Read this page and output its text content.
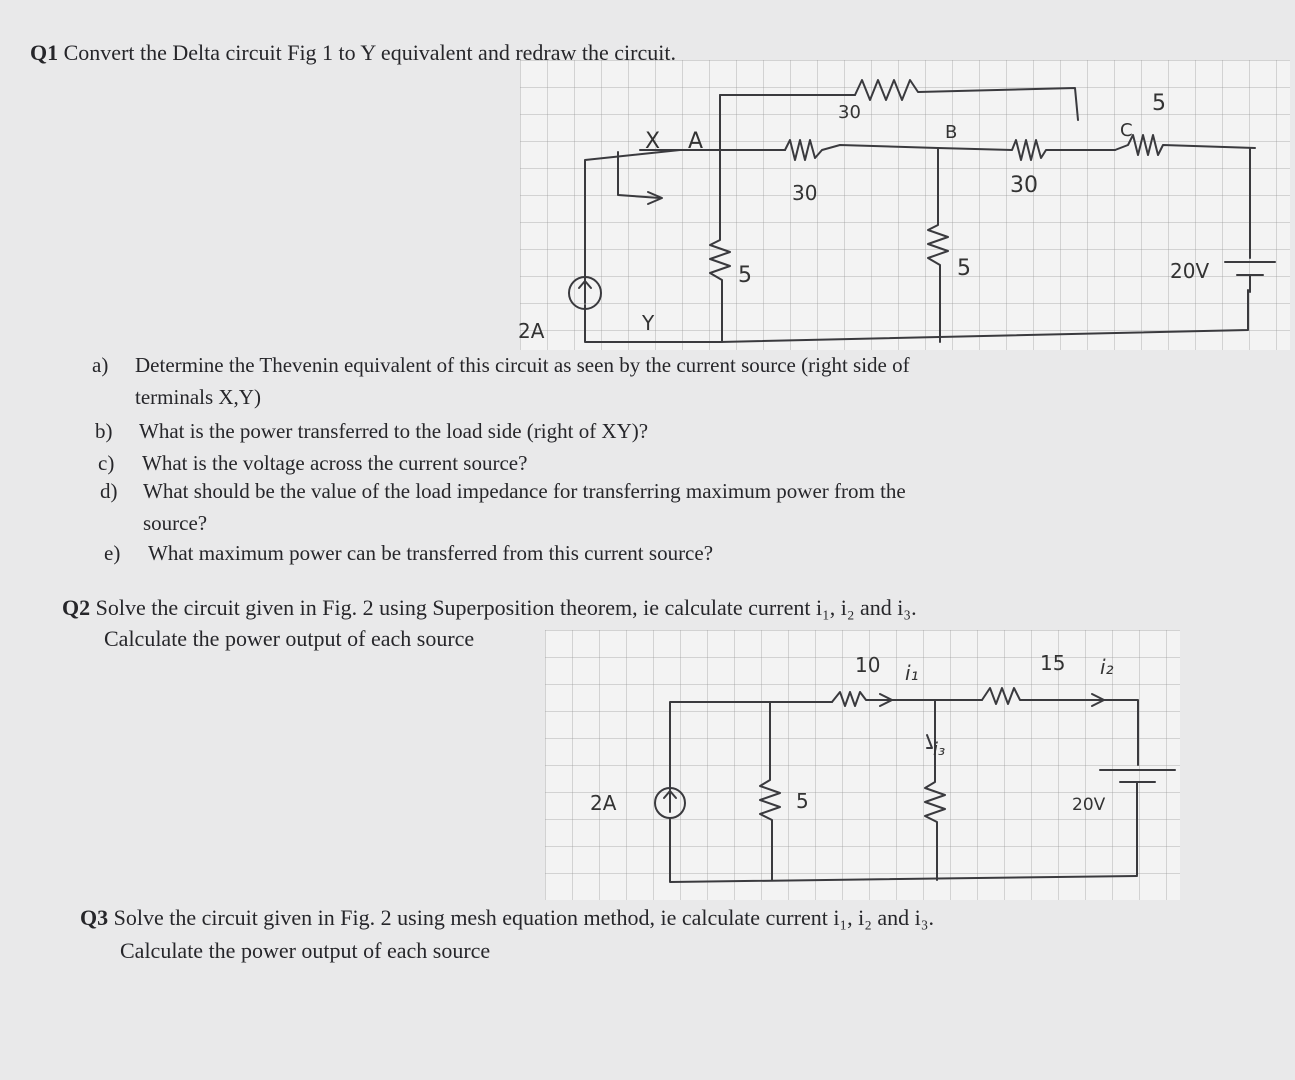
Q1 Convert the Delta circuit Fig 1 to Y equivalent and redraw the circuit.
a) Determine the Thevenin equivalent of this circuit as seen by the current source (right side of
terminals X,Y)
b) What is the power transferred to the load side (right of XY)?
c) What is the voltage across the current source?
d) What should be the value of the load impedance for transferring maximum power from the
source?
e) What maximum power can be transferred from this current source?
Q2 Solve the circuit given in Fig. 2 using Superposition theorem, ie calculate current i₁, i₂ and i₃.
Calculate the power output of each source
Q3 Solve the circuit given in Fig. 2 using mesh equation method, ie calculate current i₁, i₂ and i₃.
Calculate the power output of each source
X A
30
B	C
5
30	30
5	5	20V
2A	Y
10 i₁	15 i₂
i₃
5
2A	20V
